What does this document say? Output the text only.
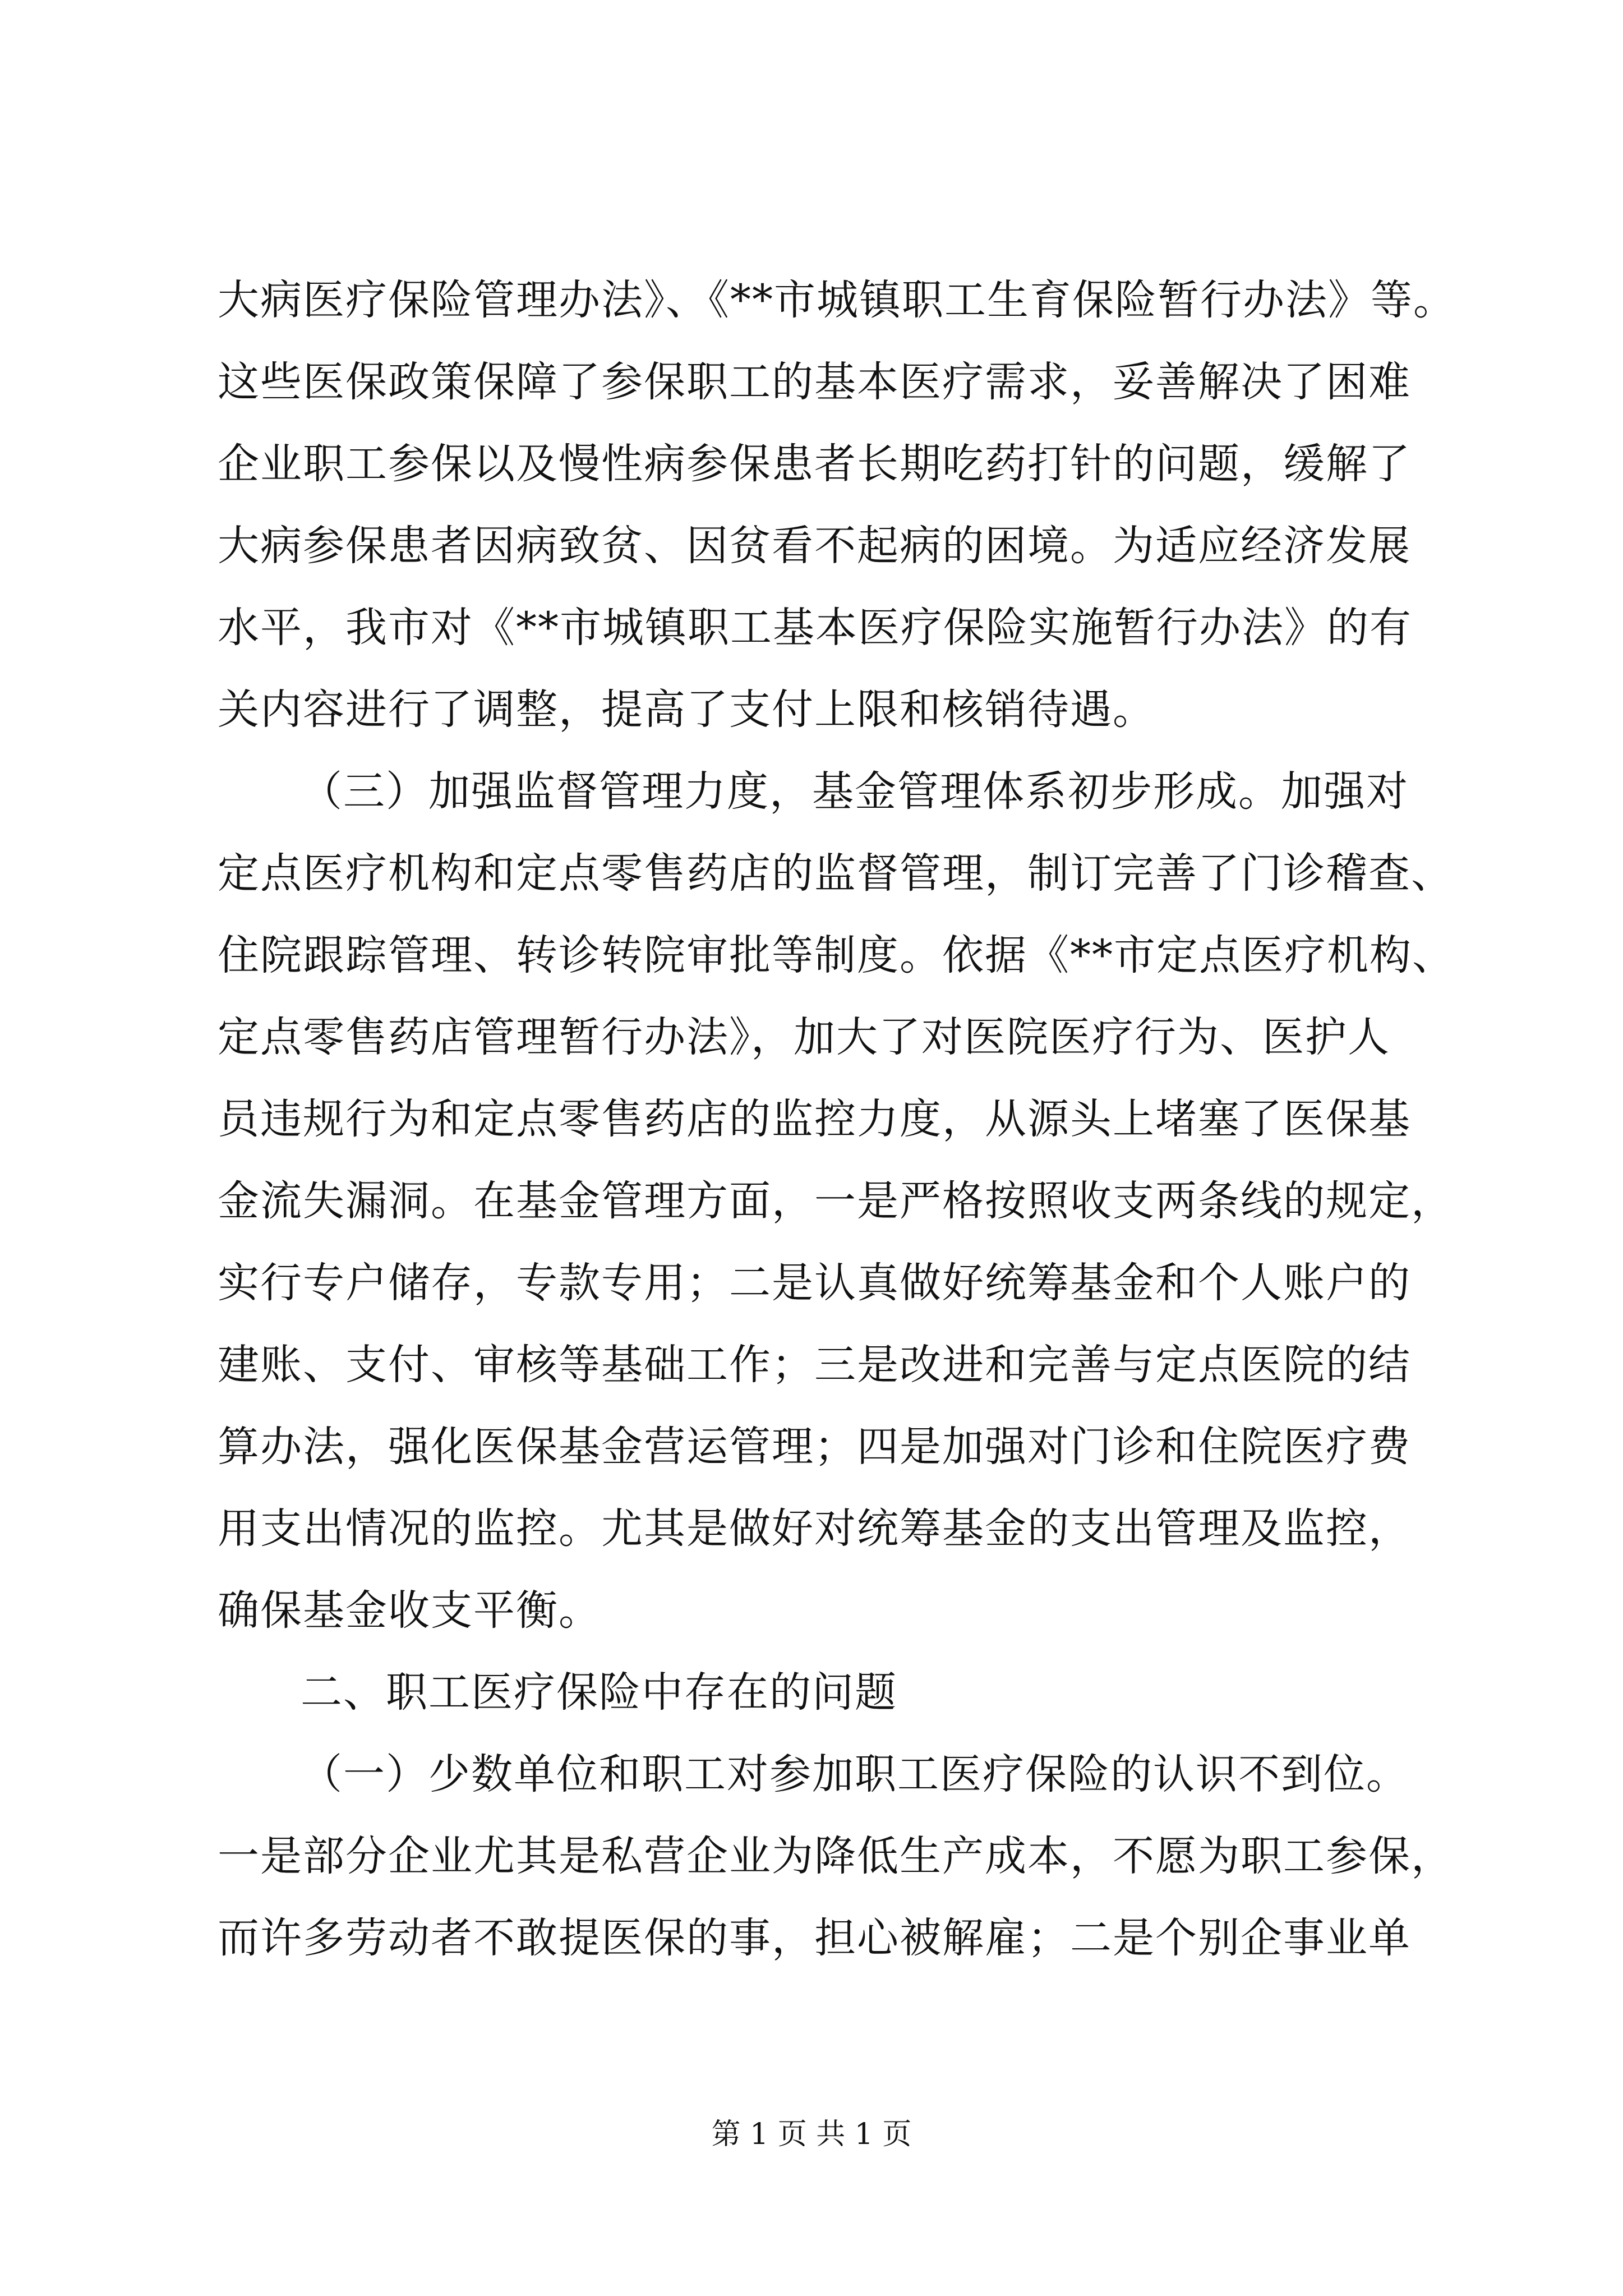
大病医疗保险管理办法》、《**市城镇职工生育保险暂行办法》等。
这些医保政策保障了参保职工的基本医疗需求，妥善解决了困难
企业职工参保以及慢性病参保患者长期吃药打针的问题，缓解了
大病参保患者因病致贫、因贫看不起病的困境。为适应经济发展
水平，我市对《**市城镇职工基本医疗保险实施暂行办法》的有
关内容进行了调整，提高了支付上限和核销待遇。
（三）加强监督管理力度，基金管理体系初步形成。加强对
定点医疗机构和定点零售药店的监督管理，制订完善了门诊稽查、
住院跟踪管理、转诊转院审批等制度。依据《**市定点医疗机构、
定点零售药店管理暂行办法》，加大了对医院医疗行为、医护人
员违规行为和定点零售药店的监控力度，从源头上堵塞了医保基
金流失漏洞。在基金管理方面，一是严格按照收支两条线的规定，
实行专户储存，专款专用；二是认真做好统筹基金和个人账户的
建账、支付、审核等基础工作；三是改进和完善与定点医院的结
算办法，强化医保基金营运管理；四是加强对门诊和住院医疗费
用支出情况的监控。尤其是做好对统筹基金的支出管理及监控，
确保基金收支平衡。
二、职工医疗保险中存在的问题
（一）少数单位和职工对参加职工医疗保险的认识不到位。
一是部分企业尤其是私营企业为降低生产成本，不愿为职工参保，
而许多劳动者不敢提医保的事，担心被解雇；二是个别企事业单
第 1 页 共 1 页
